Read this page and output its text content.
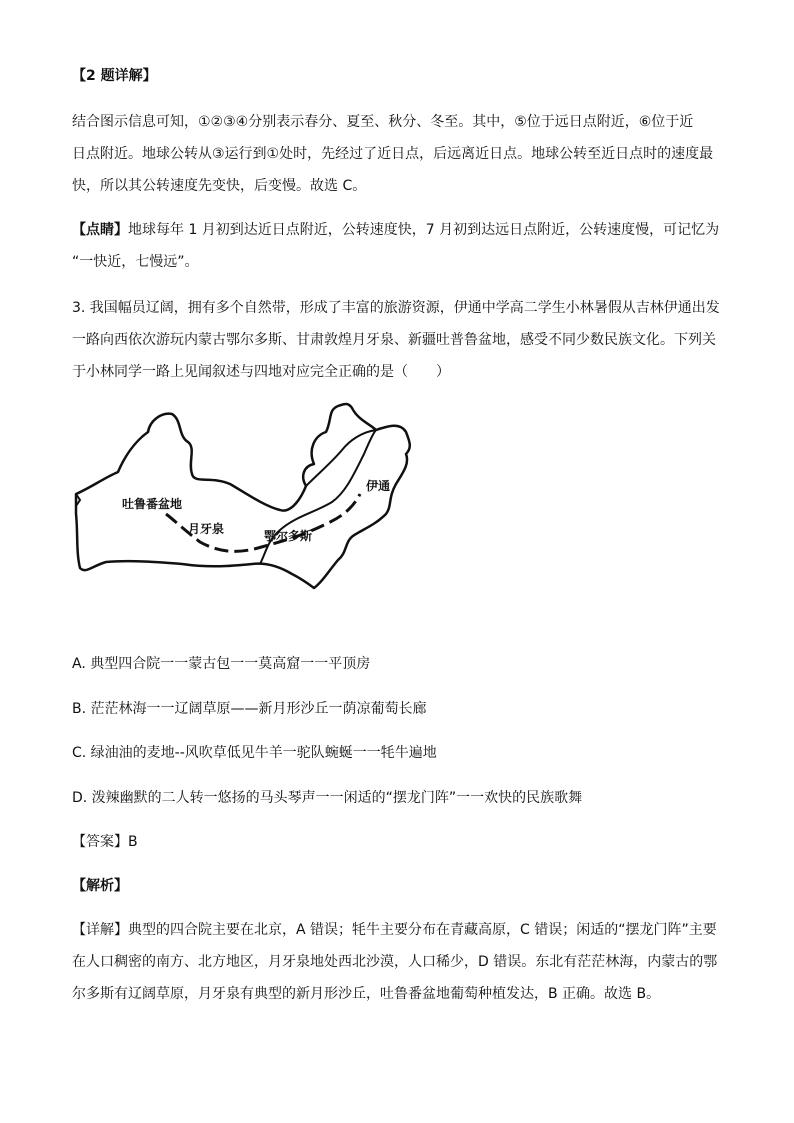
【2 题详解】
结合图示信息可知，①②③④分别表示春分、夏至、秋分、冬至。其中，⑤位于远日点附近，⑥位于近
日点附近。地球公转从③运行到①处时，先经过了近日点，后远离近日点。地球公转至近日点时的速度最
快，所以其公转速度先变快，后变慢。故选 C。
【点睛】地球每年 1 月初到达近日点附近，公转速度快，7 月初到达远日点附近，公转速度慢，可记忆为
“一快近，七慢远”。
3. 我国幅员辽阔，拥有多个自然带，形成了丰富的旅游资源，伊通中学高二学生小林暑假从吉林伊通出发
一路向西依次游玩内蒙古鄂尔多斯、甘肃敦煌月牙泉、新疆吐普鲁盆地，感受不同少数民族文化。下列关
于小林同学一路上见闻叙述与四地对应完全正确的是（　　）
吐鲁番盆地
月牙泉	鄂尔多斯
伊通
A. 典型四合院一一蒙古包一一莫高窟一一平顶房
B. 茫茫林海一一辽阔草原——新月形沙丘一荫凉葡萄长廊
C. 绿油油的麦地--风吹草低见牛羊一驼队蜿蜒一一牦牛遍地
D. 泼辣幽默的二人转一悠扬的马头琴声一一闲适的“摆龙门阵”一一欢快的民族歌舞
【答案】B
【解析】
【详解】典型的四合院主要在北京，A 错误；牦牛主要分布在青藏高原，C 错误；闲适的“摆龙门阵”主要
在人口稠密的南方、北方地区，月牙泉地处西北沙漠，人口稀少，D 错误。东北有茫茫林海，内蒙古的鄂
尔多斯有辽阔草原，月牙泉有典型的新月形沙丘，吐鲁番盆地葡萄种植发达，B 正确。故选 B。
